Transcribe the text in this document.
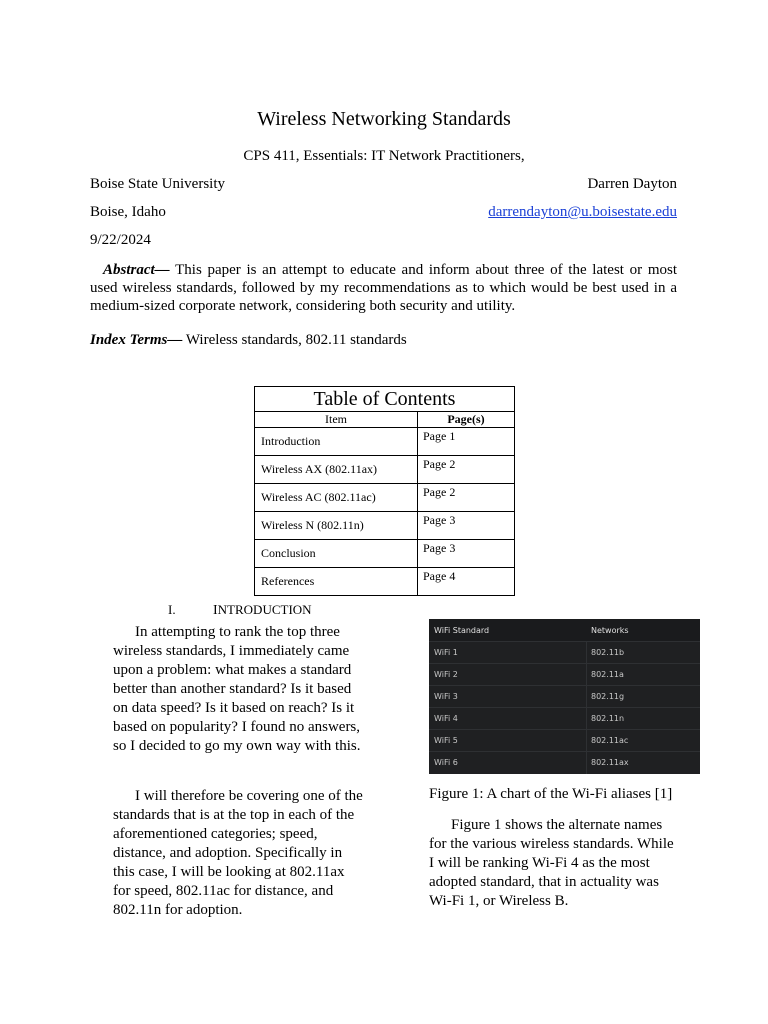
Wireless Networking Standards
CPS 411, Essentials: IT Network Practitioners,
Boise State University	Darren Dayton
Boise, Idaho	darrendayton@u.boisestate.edu
9/22/2024
Abstract— This paper is an attempt to educate and inform about three of the latest or most used wireless standards, followed by my recommendations as to which would be best used in a medium-sized corporate network, considering both security and utility.
Index Terms— Wireless standards, 802.11 standards
Table of Contents	
Item	Page(s)
Introduction	Page 1
Wireless AX (802.11ax)	Page 2
Wireless AC (802.11ac)	Page 2
Wireless N (802.11n)	Page 3
Conclusion	Page 3
References	Page 4
I.	INTRODUCTION

In attempting to rank the top three wireless standards, I immediately came upon a problem: what makes a standard better than another standard? Is it based on data speed? Is it based on reach? Is it based on popularity? I found no answers, so I decided to go my own way with this.

I will therefore be covering one of the standards that is at the top in each of the aforementioned categories; speed, distance, and adoption. Specifically in this case, I will be looking at 802.11ax for speed, 802.11ac for distance, and 802.11n for adoption.

WiFi Standard	Networks
WiFi 1	802.11b
WiFi 2	802.11a
WiFi 3	802.11g
WiFi 4	802.11n
WiFi 5	802.11ac
WiFi 6	802.11ax
Figure 1: A chart of the Wi-Fi aliases [1]

Figure 1 shows the alternate names for the various wireless standards. While I will be ranking Wi-Fi 4 as the most adopted standard, that in actuality was Wi-Fi 1, or Wireless B.
